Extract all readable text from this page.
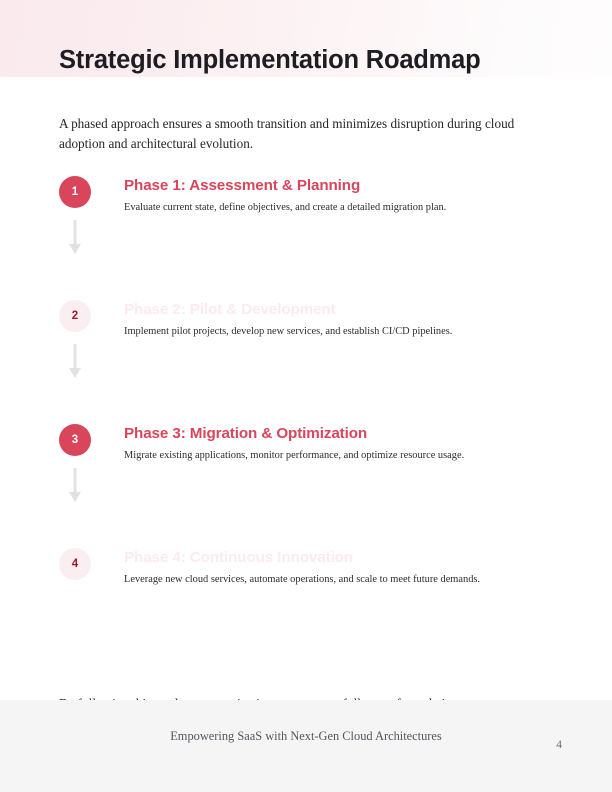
Strategic Implementation Roadmap

A phased approach ensures a smooth transition and minimizes disruption during cloud adoption and architectural evolution.

1	Phase 1: Assessment & Planning
Evaluate current state, define objectives, and create a detailed migration plan.
2	Phase 2: Pilot & Development
Implement pilot projects, develop new services, and establish CI/CD pipelines.
3	Phase 3: Migration & Optimization
Migrate existing applications, monitor performance, and optimize resource usage.
4	Phase 4: Continuous Innovation
Leverage new cloud services, automate operations, and scale to meet future demands.

Empowering SaaS with Next-Gen Cloud Architectures
4
